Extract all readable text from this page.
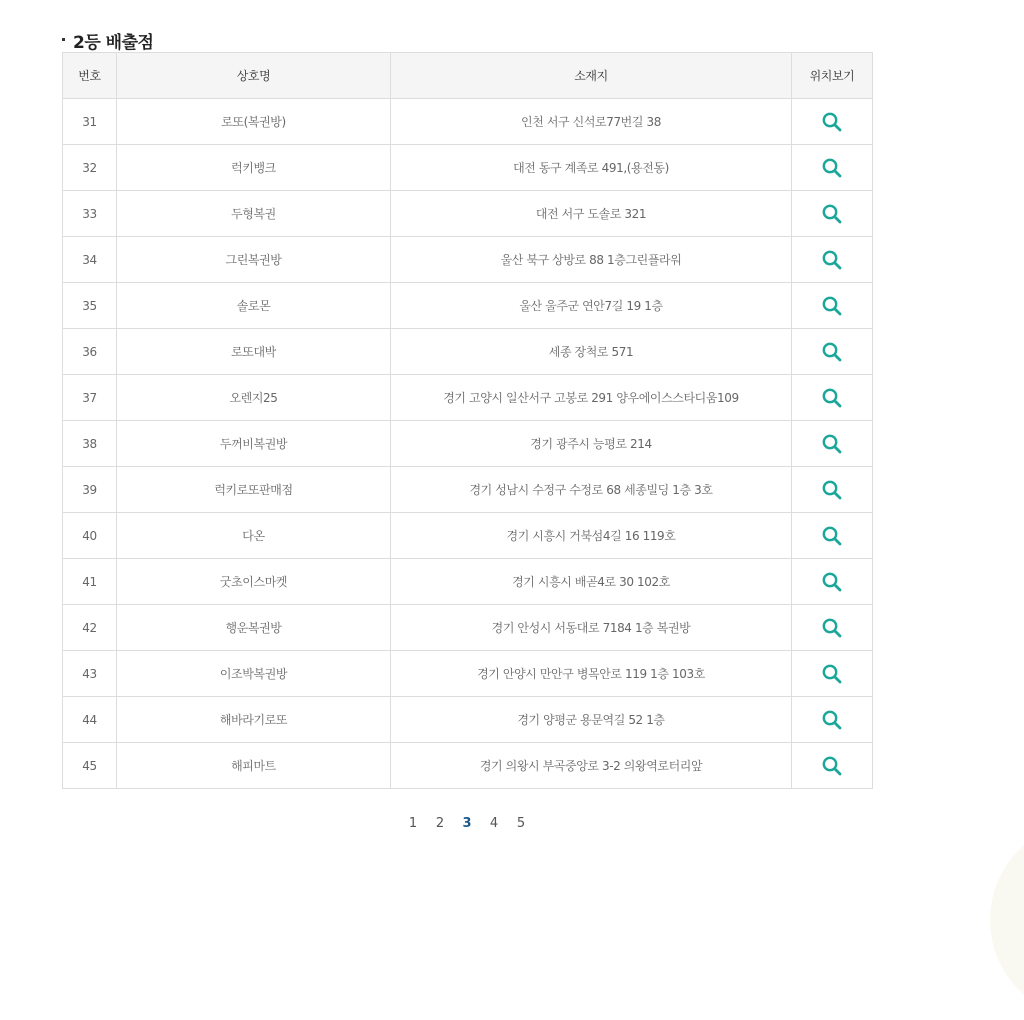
2등 배출점
번호	상호명	소재지	위치보기
31	로또(복권방)	인천 서구 신석로77번길 38	
32	럭키뱅크	대전 동구 계족로 491,(용전동)	
33	두형복권	대전 서구 도솔로 321	
34	그린복권방	울산 북구 상방로 88 1층그린플라워	
35	솔로몬	울산 울주군 연안7길 19 1층	
36	로또대박	세종 장척로 571	
37	오렌지25	경기 고양시 일산서구 고봉로 291 양우에이스스타디움109	
38	두꺼비복권방	경기 광주시 능평로 214	
39	럭키로또판매점	경기 성남시 수정구 수정로 68 세종빌딩 1층 3호	
40	다온	경기 시흥시 거북섬4길 16 119호	
41	굿초이스마켓	경기 시흥시 배곧4로 30 102호	
42	행운복권방	경기 안성시 서동대로 7184 1층 복권방	
43	이조박복권방	경기 안양시 만안구 병목안로 119 1층 103호	
44	해바라기로또	경기 양평군 용문역길 52 1층	
45	해피마트	경기 의왕시 부곡중앙로 3-2 의왕역로터리앞	
1 2 3 4 5
